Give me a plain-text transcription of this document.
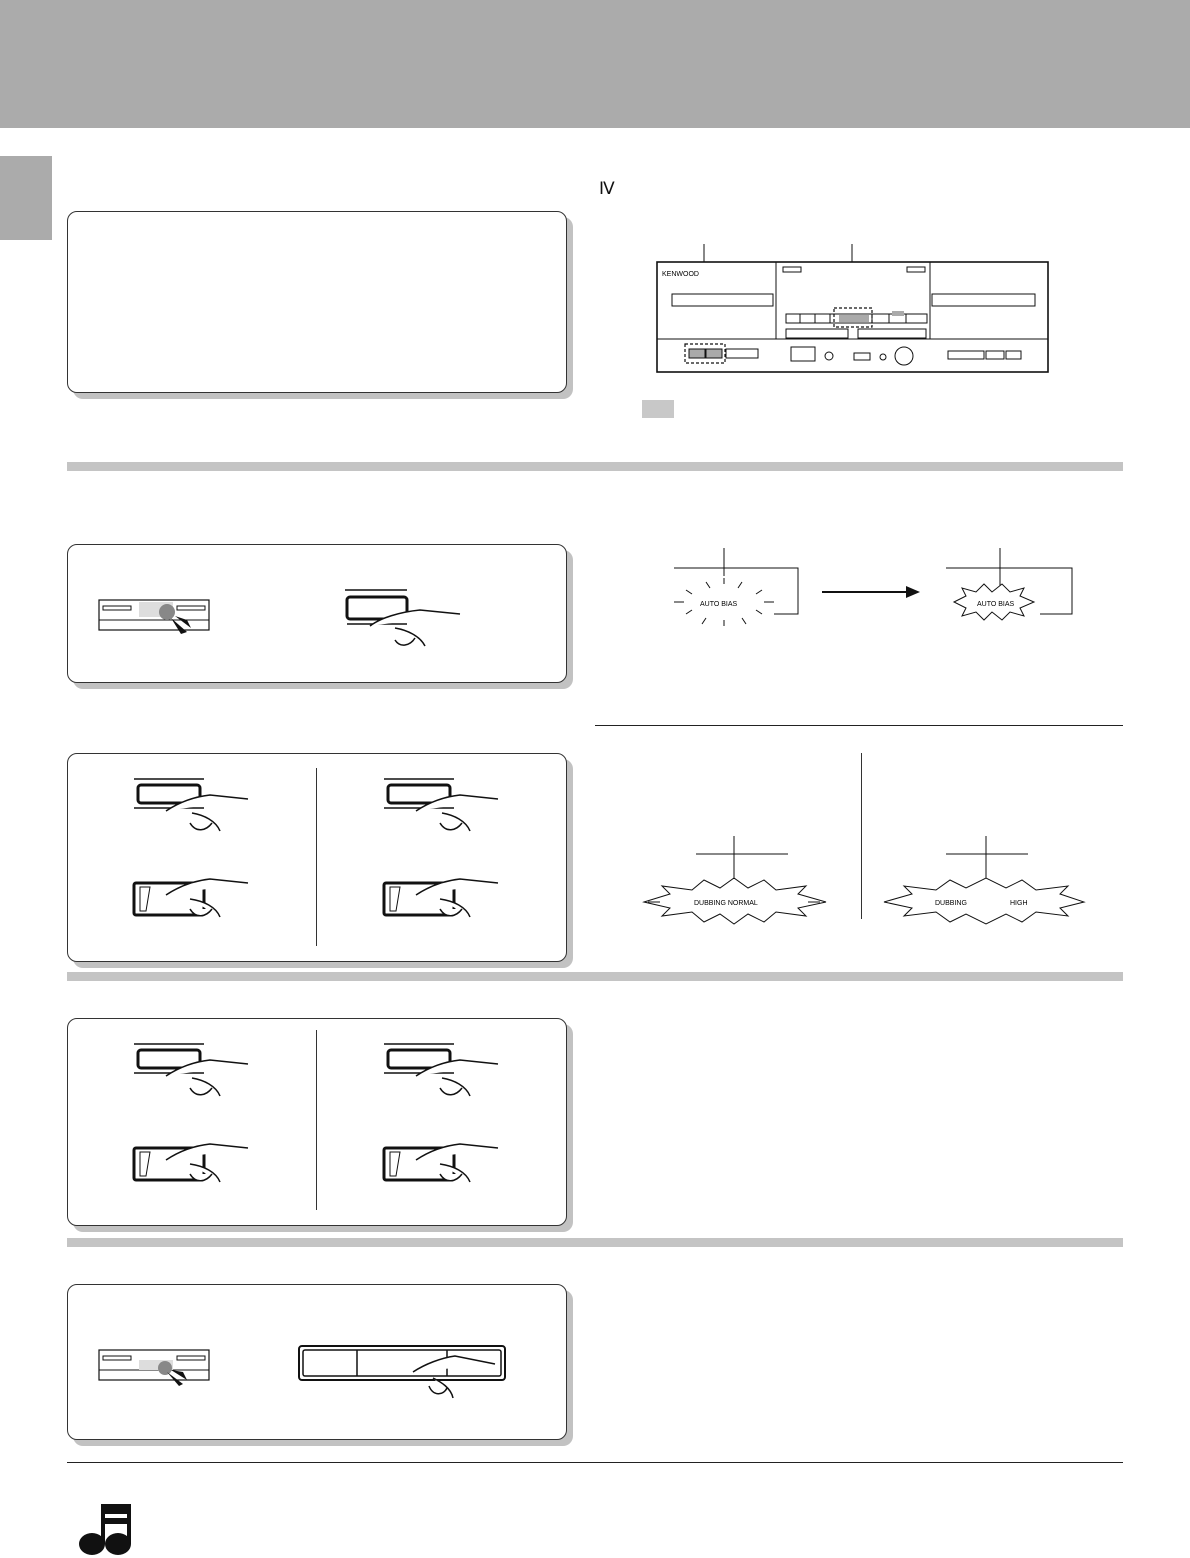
Ⅳ
KENWOOD
AUTO BIAS	AUTO BIAS
DUBBING NORMAL	DUBBING	HIGH
